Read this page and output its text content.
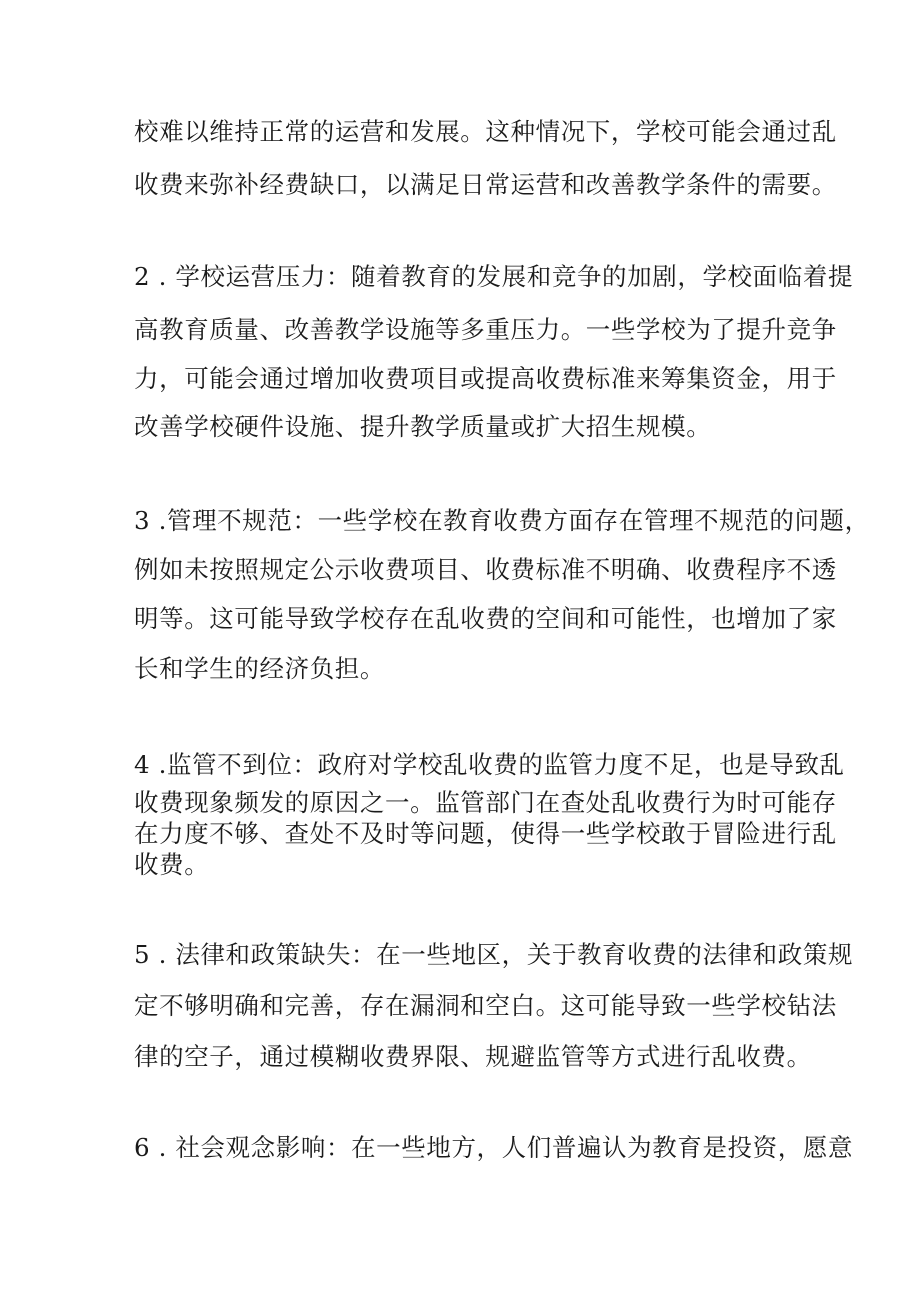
校难以维持正常的运营和发展。这种情况下，学校可能会通过乱
收费来弥补经费缺口，以满足日常运营和改善教学条件的需要。
2 . 学校运营压力：随着教育的发展和竞争的加剧，学校面临着提
高教育质量、改善教学设施等多重压力。一些学校为了提升竞争
力，可能会通过增加收费项目或提高收费标准来筹集资金，用于
改善学校硬件设施、提升教学质量或扩大招生规模。
3 .管理不规范：一些学校在教育收费方面存在管理不规范的问题，
例如未按照规定公示收费项目、收费标准不明确、收费程序不透
明等。这可能导致学校存在乱收费的空间和可能性，也增加了家
长和学生的经济负担。
4 .监管不到位：政府对学校乱收费的监管力度不足，也是导致乱
收费现象频发的原因之一。监管部门在查处乱收费行为时可能存
在力度不够、查处不及时等问题，使得一些学校敢于冒险进行乱
收费。
5 . 法律和政策缺失：在一些地区，关于教育收费的法律和政策规
定不够明确和完善，存在漏洞和空白。这可能导致一些学校钻法
律的空子，通过模糊收费界限、规避监管等方式进行乱收费。
6 . 社会观念影响：在一些地方，人们普遍认为教育是投资，愿意
